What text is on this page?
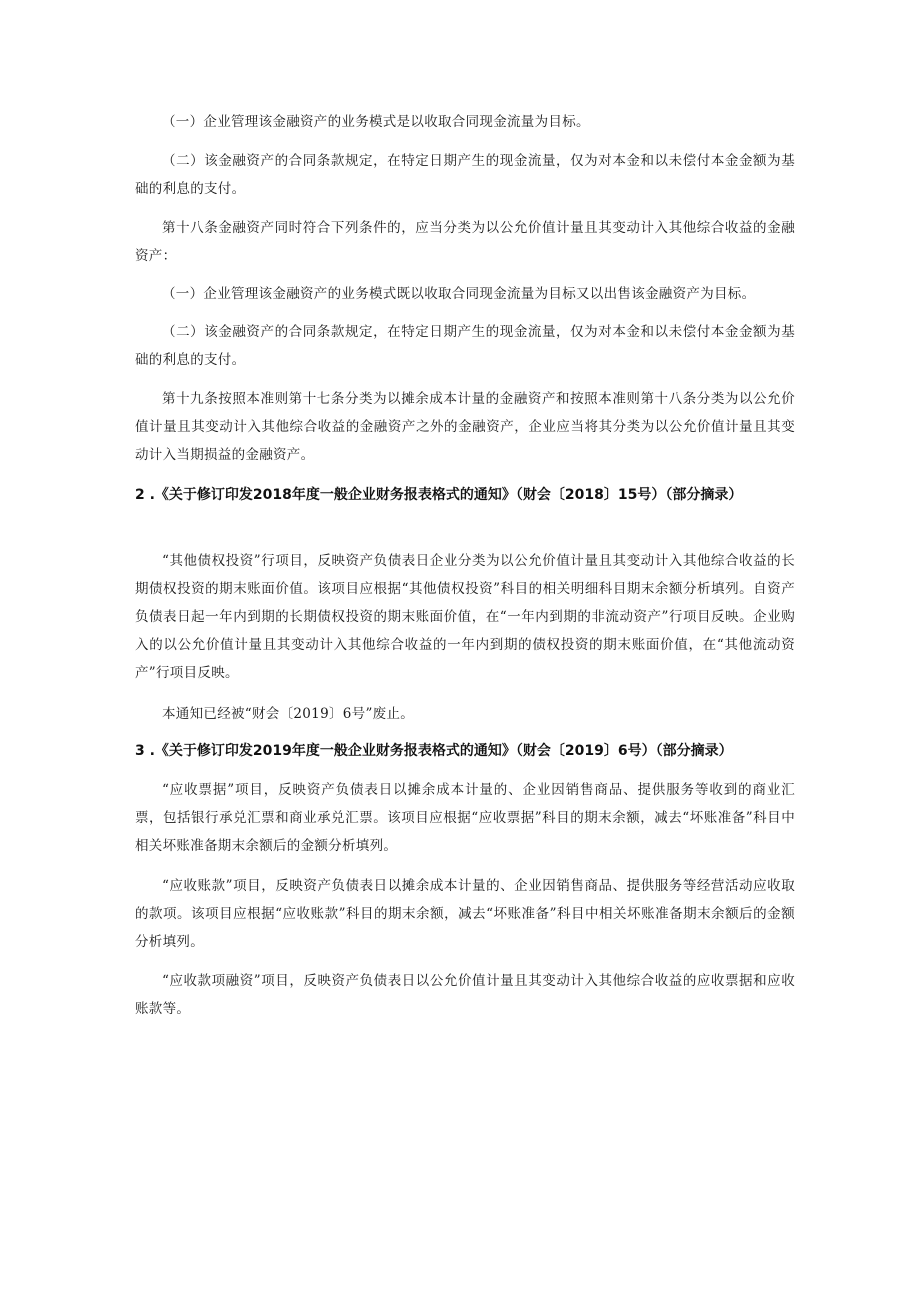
（一）企业管理该金融资产的业务模式是以收取合同现金流量为目标。

（二）该金融资产的合同条款规定，在特定日期产生的现金流量，仅为对本金和以未偿付本金金额为基础的利息的支付。

第十八条金融资产同时符合下列条件的，应当分类为以公允价值计量且其变动计入其他综合收益的金融资产：

（一）企业管理该金融资产的业务模式既以收取合同现金流量为目标又以出售该金融资产为目标。

（二）该金融资产的合同条款规定，在特定日期产生的现金流量，仅为对本金和以未偿付本金金额为基础的利息的支付。

第十九条按照本准则第十七条分类为以摊余成本计量的金融资产和按照本准则第十八条分类为以公允价值计量且其变动计入其他综合收益的金融资产之外的金融资产，企业应当将其分类为以公允价值计量且其变动计入当期损益的金融资产。

2 .《关于修订印发2018年度一般企业财务报表格式的通知》（财会〔2018〕15号）（部分摘录）

“其他债权投资”行项目，反映资产负债表日企业分类为以公允价值计量且其变动计入其他综合收益的长期债权投资的期末账面价值。该项目应根据“其他债权投资”科目的相关明细科目期末余额分析填列。自资产负债表日起一年内到期的长期债权投资的期末账面价值，在“一年内到期的非流动资产”行项目反映。企业购入的以公允价值计量且其变动计入其他综合收益的一年内到期的债权投资的期末账面价值，在“其他流动资产”行项目反映。

本通知已经被“财会〔2019〕6号”废止。

3 .《关于修订印发2019年度一般企业财务报表格式的通知》（财会〔2019〕6号）（部分摘录）

“应收票据”项目，反映资产负债表日以摊余成本计量的、企业因销售商品、提供服务等收到的商业汇票，包括银行承兑汇票和商业承兑汇票。该项目应根据“应收票据”科目的期末余额，减去“坏账准备”科目中相关坏账准备期末余额后的金额分析填列。

“应收账款”项目，反映资产负债表日以摊余成本计量的、企业因销售商品、提供服务等经营活动应收取的款项。该项目应根据“应收账款”科目的期末余额，减去“坏账准备”科目中相关坏账准备期末余额后的金额分析填列。

“应收款项融资”项目，反映资产负债表日以公允价值计量且其变动计入其他综合收益的应收票据和应收账款等。
